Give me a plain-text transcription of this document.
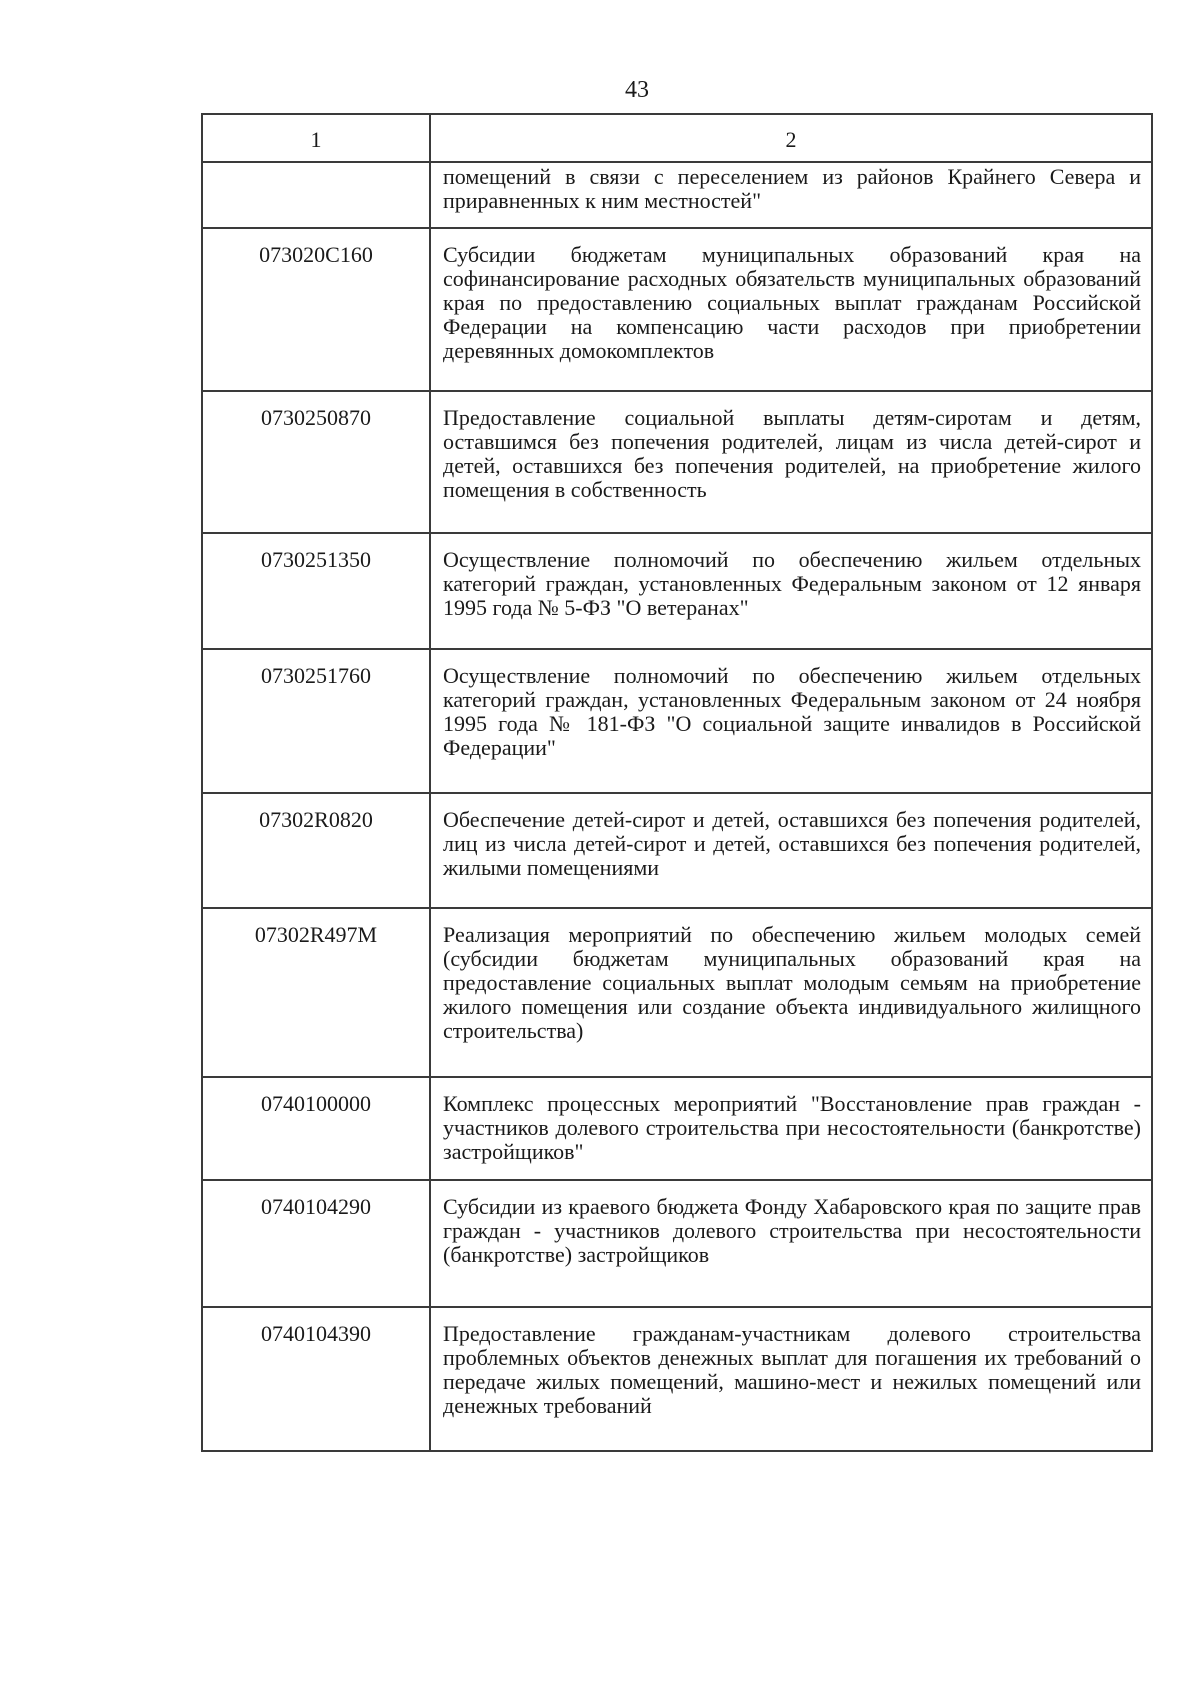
43
1	2
	помещений в связи с переселением из районов Крайнего Севера и приравненных к ним местностей"
073020С160	Субсидии бюджетам муниципальных образований края на софинансирование расходных обязательств муниципальных образований края по предоставлению социальных выплат гражданам Российской Федерации на компенсацию части расходов при приобретении деревянных домокомплектов
0730250870	Предоставление социальной выплаты детям-сиротам и детям, оставшимся без попечения родителей, лицам из числа детей-сирот и детей, оставшихся без попечения родителей, на приобретение жилого помещения в собственность
0730251350	Осуществление полномочий по обеспечению жильем отдельных категорий граждан, установленных Федеральным законом от 12 января 1995 года № 5-ФЗ "О ветеранах"
0730251760	Осуществление полномочий по обеспечению жильем отдельных категорий граждан, установленных Федеральным законом от 24 ноября 1995 года № 181-ФЗ "О социальной защите инвалидов в Российской Федерации"
07302R0820	Обеспечение детей-сирот и детей, оставшихся без попечения родителей, лиц из числа детей-сирот и детей, оставшихся без попечения родителей, жилыми помещениями
07302R497M	Реализация мероприятий по обеспечению жильем молодых семей (субсидии бюджетам муниципальных образований края на предоставление социальных выплат молодым семьям на приобретение жилого помещения или создание объекта индивидуального жилищного строительства)
0740100000	Комплекс процессных мероприятий "Восстановление прав граждан - участников долевого строительства при несостоятельности (банкротстве) застройщиков"
0740104290	Субсидии из краевого бюджета Фонду Хабаровского края по защите прав граждан - участников долевого строительства при несостоятельности (банкротстве) застройщиков
0740104390	Предоставление гражданам-участникам долевого строительства проблемных объектов денежных выплат для погашения их требований о передаче жилых помещений, машино-мест и нежилых помещений или денежных требований
